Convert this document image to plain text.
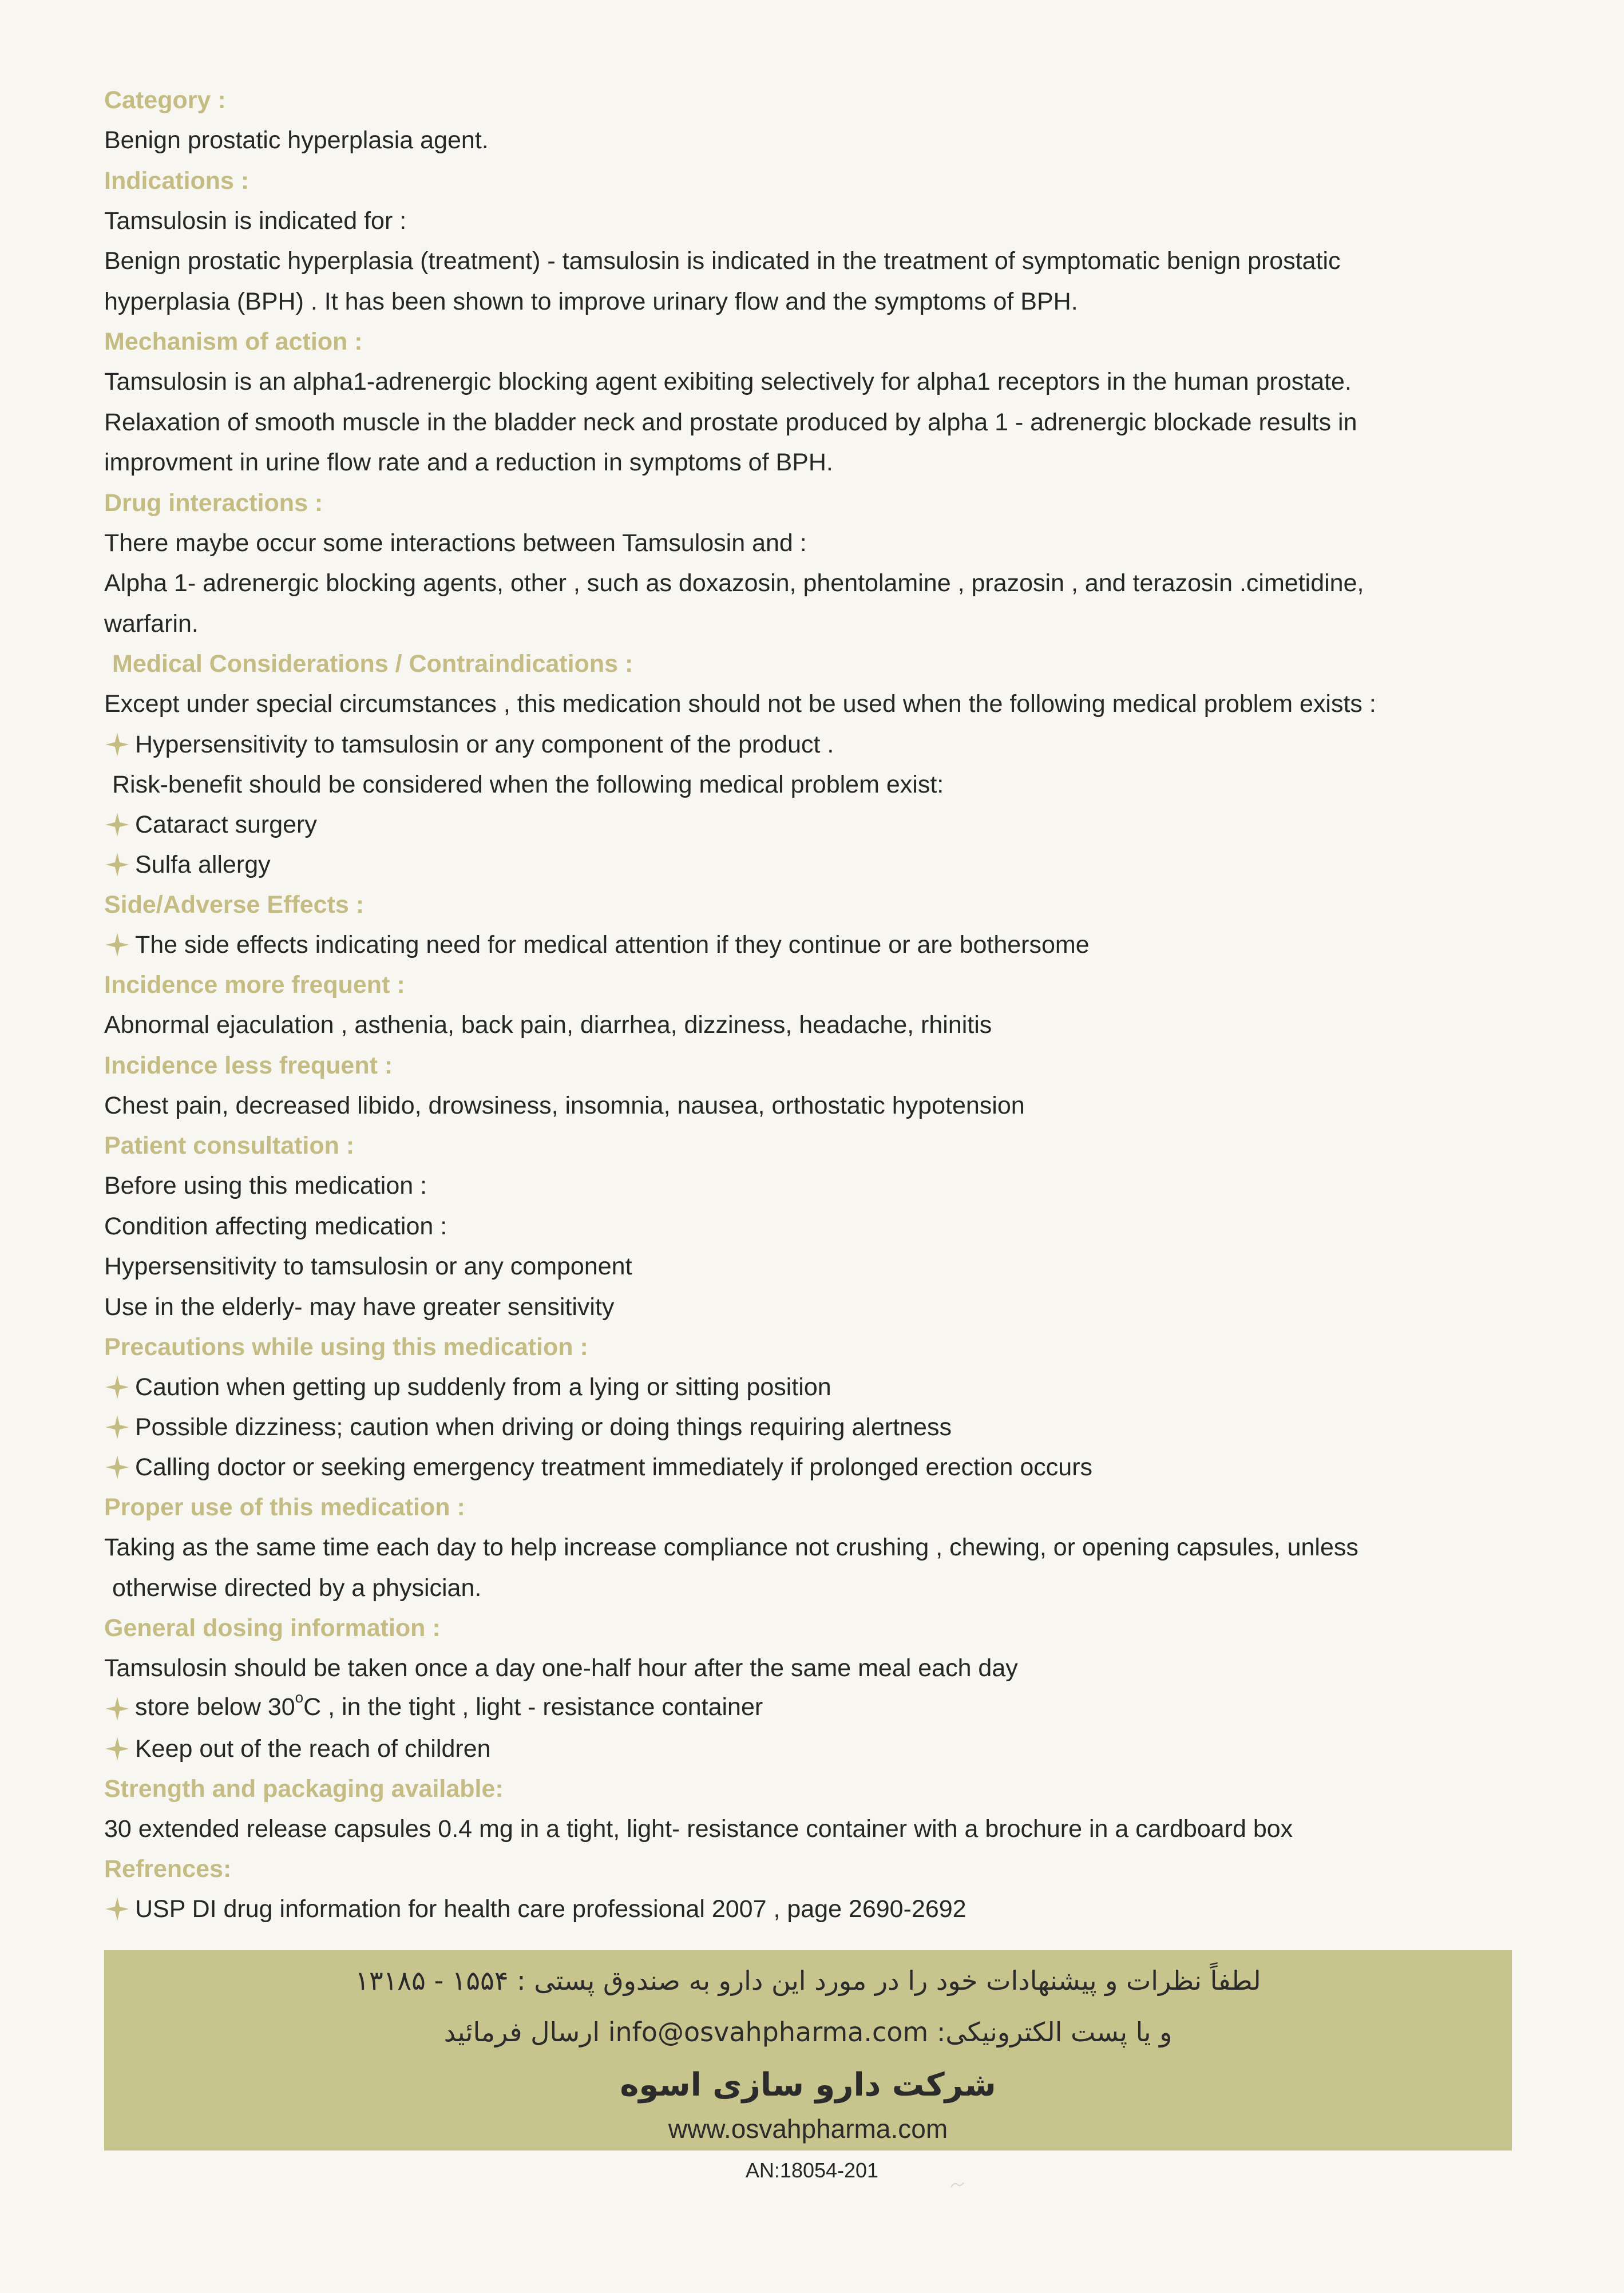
Category :
Benign prostatic hyperplasia agent.
Indications :
Tamsulosin is indicated for :
Benign prostatic hyperplasia (treatment) - tamsulosin is indicated in the treatment of symptomatic benign prostatic
hyperplasia (BPH) . It has been shown to improve urinary flow and the symptoms of BPH.
Mechanism of action :
Tamsulosin is an alpha1-adrenergic blocking agent exibiting selectively for alpha1 receptors in the human prostate.
Relaxation of smooth muscle in the bladder neck and prostate produced by alpha 1 - adrenergic blockade results in
improvment in urine flow rate and a reduction in symptoms of BPH.
Drug interactions :
There maybe occur some interactions between Tamsulosin and :
Alpha 1- adrenergic blocking agents, other , such as doxazosin, phentolamine , prazosin , and terazosin .cimetidine,
warfarin.
Medical Considerations / Contraindications :
Except under special circumstances , this medication should not be used when the following medical problem exists :
Hypersensitivity to tamsulosin or any component of the product .
Risk-benefit should be considered when the following medical problem exist:
Cataract surgery
Sulfa allergy
Side/Adverse Effects :
The side effects indicating need for medical attention if they continue or are bothersome
Incidence more frequent :
Abnormal ejaculation , asthenia, back pain, diarrhea, dizziness, headache, rhinitis
Incidence less frequent :
Chest pain, decreased libido, drowsiness, insomnia, nausea, orthostatic hypotension
Patient consultation :
Before using this medication :
Condition affecting medication :
Hypersensitivity to tamsulosin or any component
Use in the elderly- may have greater sensitivity
Precautions while using this medication :
Caution when getting up suddenly from a lying or sitting position
Possible dizziness; caution when driving or doing things requiring alertness
Calling doctor or seeking emergency treatment immediately if prolonged erection occurs
Proper use of this medication :
Taking as the same time each day to help increase compliance not crushing , chewing, or opening capsules, unless
otherwise directed by a physician.
General dosing information :
Tamsulosin should be taken once a day one-half hour after the same meal each day
store below 30$^o$C , in the tight , light - resistance container
Keep out of the reach of children
Strength and packaging available:
30 extended release capsules 0.4 mg in a tight, light- resistance container with a brochure in a cardboard box
Refrences:
USP DI drug information for health care professional 2007 , page 2690-2692
لطفاً نظرات و پیشنهادات خود را در مورد این دارو به صندوق پستی : ۱۵۵۴ - ۱۳۱۸۵
و یا پست الکترونیکی: info@osvahpharma.com ارسال فرمائید
شرکت دارو سازی اسوه
www.osvahpharma.com
AN:18054-201
